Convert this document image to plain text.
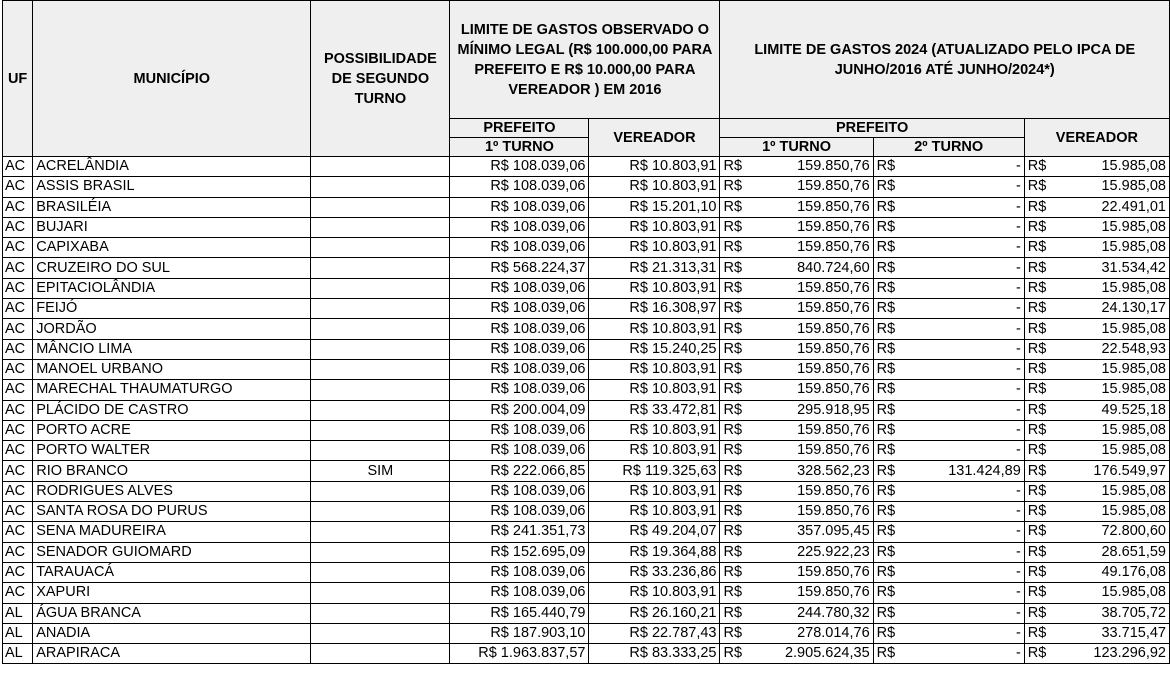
UF	MUNICÍPIO	POSSIBILIDADE DE SEGUNDO TURNO	LIMITE DE GASTOS OBSERVADO O MÍNIMO LEGAL (R$ 100.000,00 PARA PREFEITO E R$ 10.000,00 PARA VEREADOR ) EM 2016		LIMITE DE GASTOS 2024 (ATUALIZADO PELO IPCA DE JUNHO/2016 ATÉ JUNHO/2024*)					
			PREFEITO	VEREADOR	PREFEITO				VEREADOR	
			1º TURNO		1º TURNO		2º TURNO			
AC	ACRELÂNDIA		R$ 108.039,06	R$ 10.803,91	R$	159.850,76	R$	-	R$	15.985,08
AC	ASSIS BRASIL		R$ 108.039,06	R$ 10.803,91	R$	159.850,76	R$	-	R$	15.985,08
AC	BRASILÉIA		R$ 108.039,06	R$ 15.201,10	R$	159.850,76	R$	-	R$	22.491,01
AC	BUJARI		R$ 108.039,06	R$ 10.803,91	R$	159.850,76	R$	-	R$	15.985,08
AC	CAPIXABA		R$ 108.039,06	R$ 10.803,91	R$	159.850,76	R$	-	R$	15.985,08
AC	CRUZEIRO DO SUL		R$ 568.224,37	R$ 21.313,31	R$	840.724,60	R$	-	R$	31.534,42
AC	EPITACIOLÂNDIA		R$ 108.039,06	R$ 10.803,91	R$	159.850,76	R$	-	R$	15.985,08
AC	FEIJÓ		R$ 108.039,06	R$ 16.308,97	R$	159.850,76	R$	-	R$	24.130,17
AC	JORDÃO		R$ 108.039,06	R$ 10.803,91	R$	159.850,76	R$	-	R$	15.985,08
AC	MÂNCIO LIMA		R$ 108.039,06	R$ 15.240,25	R$	159.850,76	R$	-	R$	22.548,93
AC	MANOEL URBANO		R$ 108.039,06	R$ 10.803,91	R$	159.850,76	R$	-	R$	15.985,08
AC	MARECHAL THAUMATURGO		R$ 108.039,06	R$ 10.803,91	R$	159.850,76	R$	-	R$	15.985,08
AC	PLÁCIDO DE CASTRO		R$ 200.004,09	R$ 33.472,81	R$	295.918,95	R$	-	R$	49.525,18
AC	PORTO ACRE		R$ 108.039,06	R$ 10.803,91	R$	159.850,76	R$	-	R$	15.985,08
AC	PORTO WALTER		R$ 108.039,06	R$ 10.803,91	R$	159.850,76	R$	-	R$	15.985,08
AC	RIO BRANCO	SIM	R$ 222.066,85	R$ 119.325,63	R$	328.562,23	R$	131.424,89	R$	176.549,97
AC	RODRIGUES ALVES		R$ 108.039,06	R$ 10.803,91	R$	159.850,76	R$	-	R$	15.985,08
AC	SANTA ROSA DO PURUS		R$ 108.039,06	R$ 10.803,91	R$	159.850,76	R$	-	R$	15.985,08
AC	SENA MADUREIRA		R$ 241.351,73	R$ 49.204,07	R$	357.095,45	R$	-	R$	72.800,60
AC	SENADOR GUIOMARD		R$ 152.695,09	R$ 19.364,88	R$	225.922,23	R$	-	R$	28.651,59
AC	TARAUACÁ		R$ 108.039,06	R$ 33.236,86	R$	159.850,76	R$	-	R$	49.176,08
AC	XAPURI		R$ 108.039,06	R$ 10.803,91	R$	159.850,76	R$	-	R$	15.985,08
AL	ÁGUA BRANCA		R$ 165.440,79	R$ 26.160,21	R$	244.780,32	R$	-	R$	38.705,72
AL	ANADIA		R$ 187.903,10	R$ 22.787,43	R$	278.014,76	R$	-	R$	33.715,47
AL	ARAPIRACA		R$ 1.963.837,57	R$ 83.333,25	R$	2.905.624,35	R$	-	R$	123.296,92
